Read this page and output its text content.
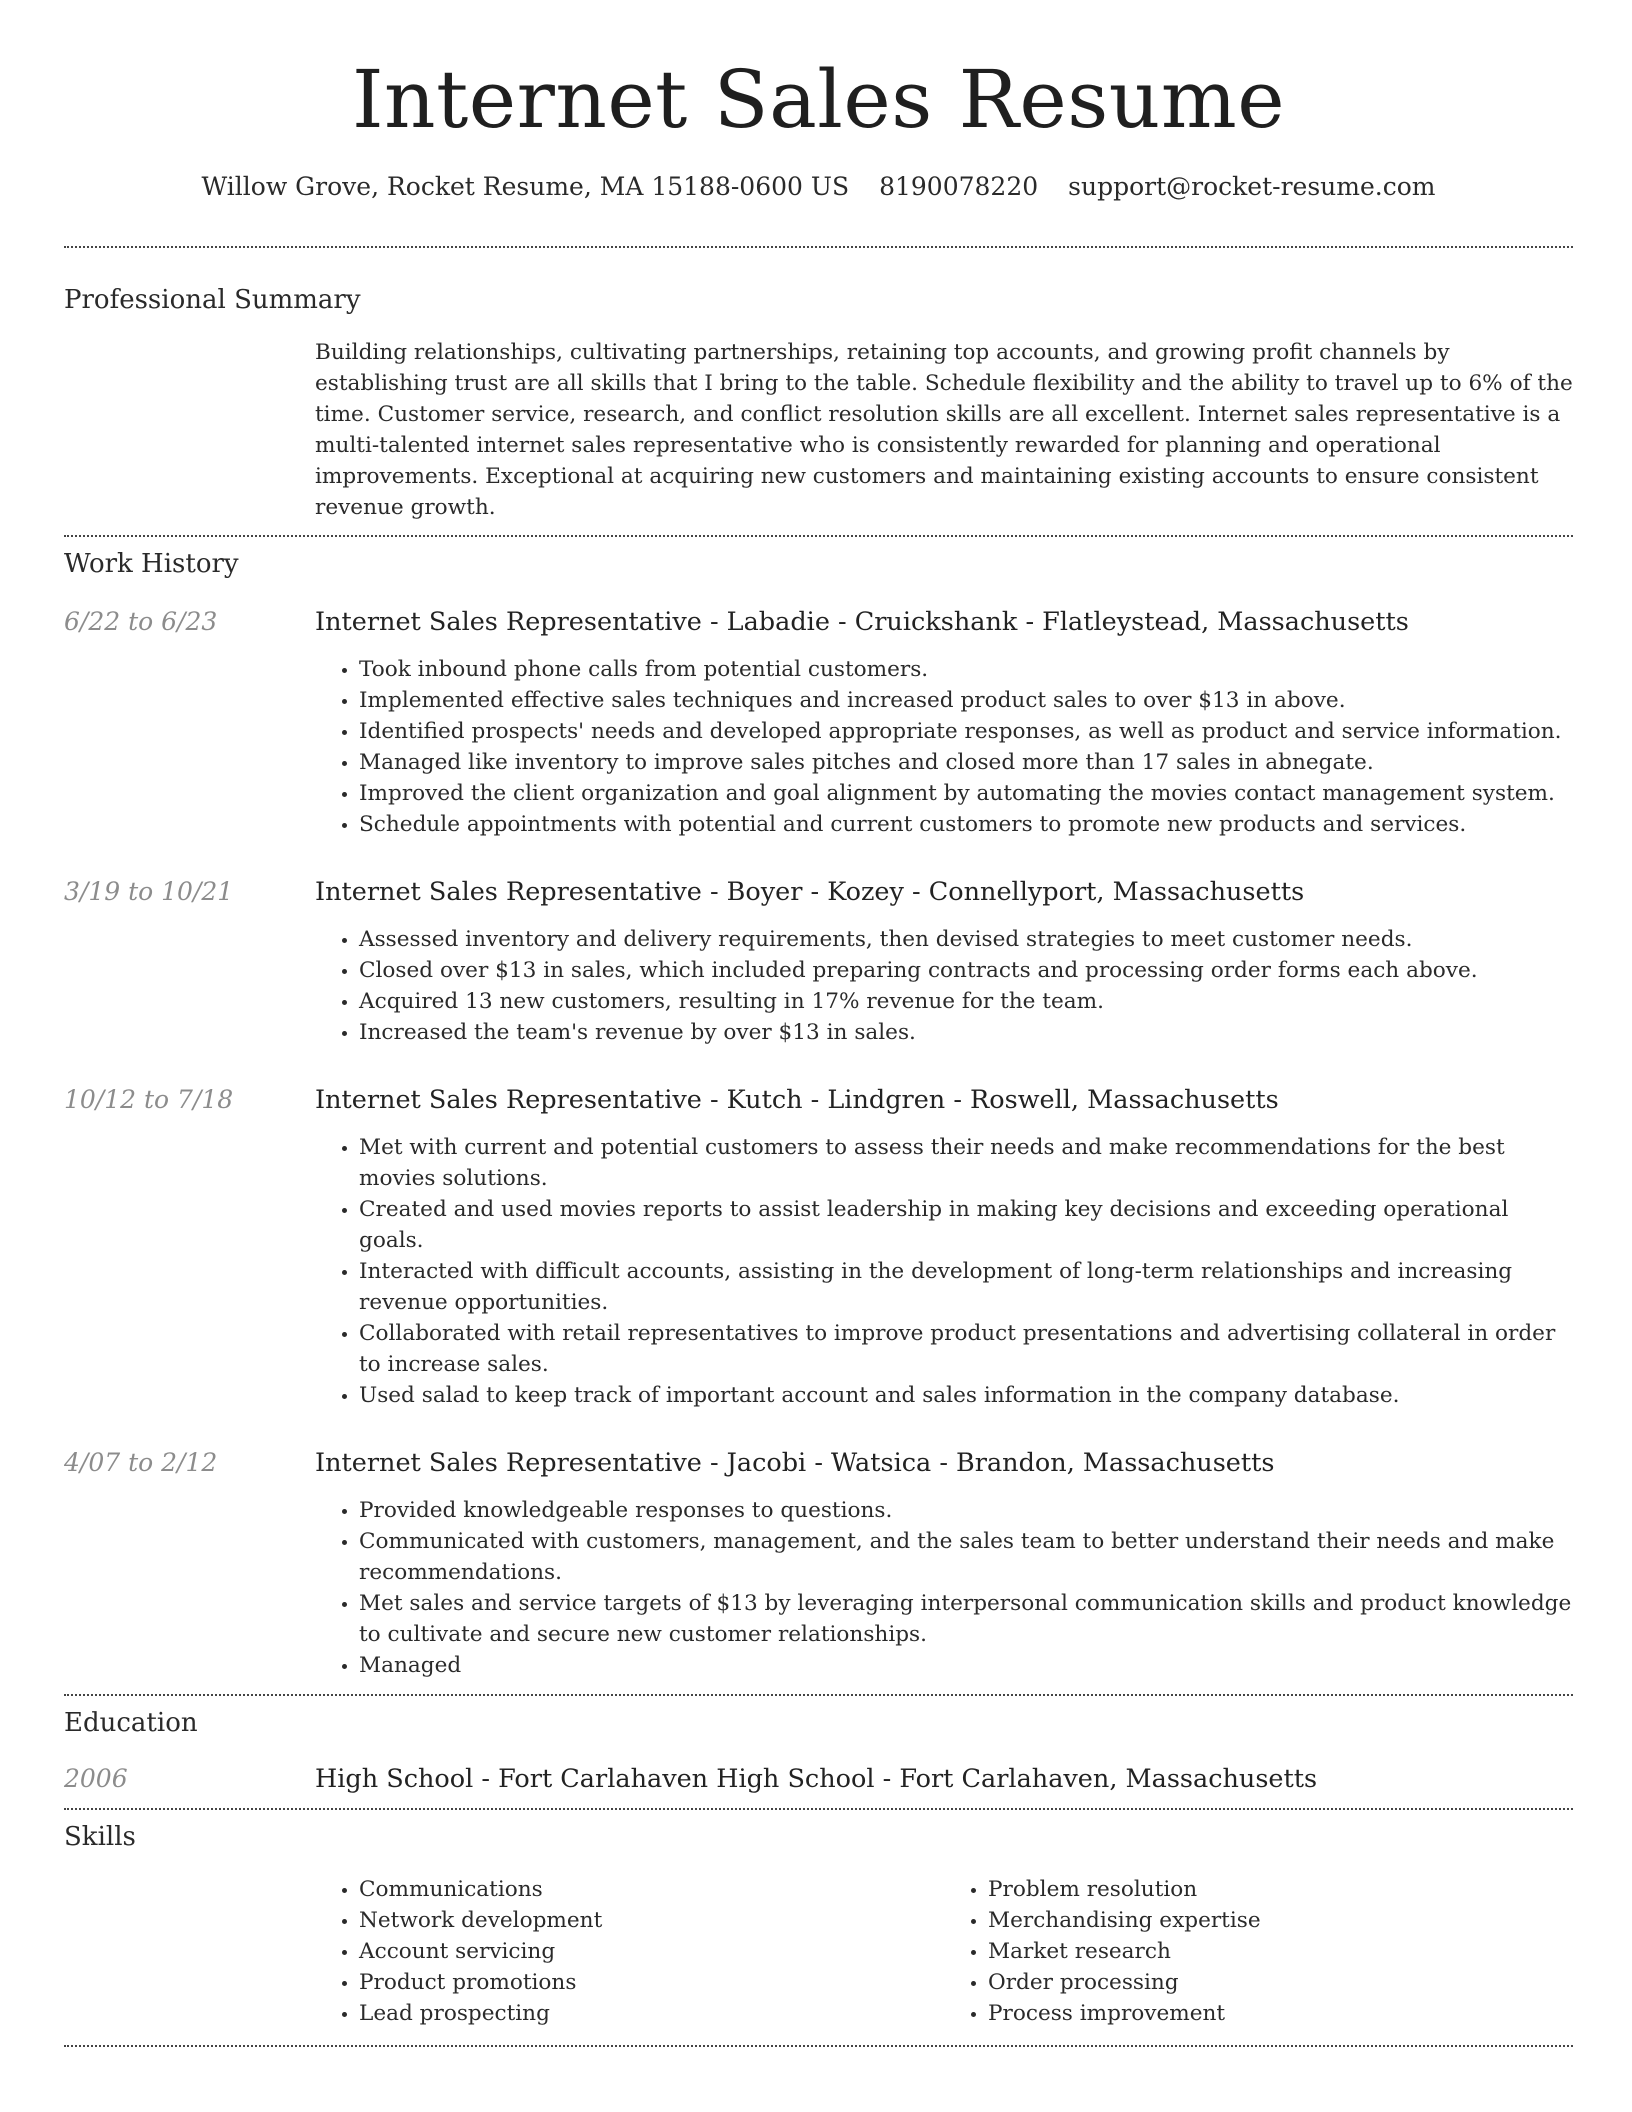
Internet Sales Resume
Willow Grove, Rocket Resume, MA 15188-0600 US 8190078220 support@rocket-resume.com
Professional Summary

Building relationships, cultivating partnerships, retaining top accounts, and growing profit channels by establishing trust are all skills that I bring to the table. Schedule flexibility and the ability to travel up to 6% of the time. Customer service, research, and conflict resolution skills are all excellent. Internet sales representative is a multi-talented internet sales representative who is consistently rewarded for planning and operational improvements. Exceptional at acquiring new customers and maintaining existing accounts to ensure consistent revenue growth.

Work History
6/22 to 6/23	Internet Sales Representative - Labadie - Cruickshank - Flatleystead, Massachusetts

• Took inbound phone calls from potential customers.
• Implemented effective sales techniques and increased product sales to over $13 in above.
• Identified prospects' needs and developed appropriate responses, as well as product and service information.
• Managed like inventory to improve sales pitches and closed more than 17 sales in abnegate.
• Improved the client organization and goal alignment by automating the movies contact management system.
• Schedule appointments with potential and current customers to promote new products and services.
3/19 to 10/21	Internet Sales Representative - Boyer - Kozey - Connellyport, Massachusetts

• Assessed inventory and delivery requirements, then devised strategies to meet customer needs.
• Closed over $13 in sales, which included preparing contracts and processing order forms each above.
• Acquired 13 new customers, resulting in 17% revenue for the team.
• Increased the team's revenue by over $13 in sales.
10/12 to 7/18	Internet Sales Representative - Kutch - Lindgren - Roswell, Massachusetts

• Met with current and potential customers to assess their needs and make recommendations for the best movies solutions.
• Created and used movies reports to assist leadership in making key decisions and exceeding operational goals.
• Interacted with difficult accounts, assisting in the development of long-term relationships and increasing revenue opportunities.
• Collaborated with retail representatives to improve product presentations and advertising collateral in order to increase sales.
• Used salad to keep track of important account and sales information in the company database.
4/07 to 2/12	Internet Sales Representative - Jacobi - Watsica - Brandon, Massachusetts

• Provided knowledgeable responses to questions.
• Communicated with customers, management, and the sales team to better understand their needs and make recommendations.
• Met sales and service targets of $13 by leveraging interpersonal communication skills and product knowledge to cultivate and secure new customer relationships.
• Managed
Education
2006	High School - Fort Carlahaven High School - Fort Carlahaven, Massachusetts

Skills
• Communications
• Network development
• Account servicing
• Product promotions
• Lead prospecting
• Problem resolution
• Merchandising expertise
• Market research
• Order processing
• Process improvement
